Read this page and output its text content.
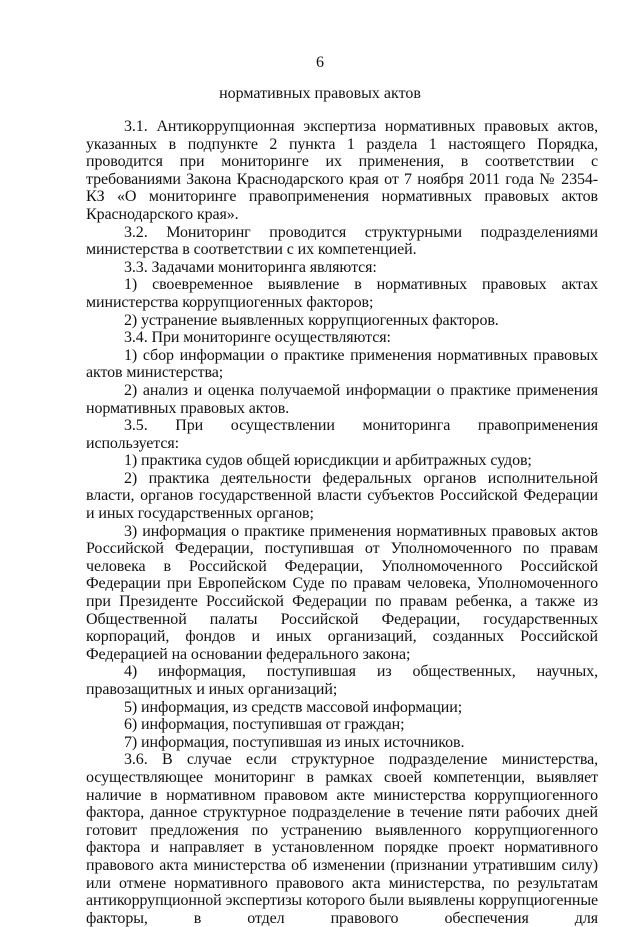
6
нормативных правовых актов

3.1. Антикоррупционная экспертиза нормативных правовых актов, указанных в подпункте 2 пункта 1 раздела 1 настоящего Порядка, проводится при мониторинге их применения, в соответствии с требованиями Закона Краснодарского края от 7 ноября 2011 года № 2354-КЗ «О мониторинге правоприменения нормативных правовых актов Краснодарского края».

3.2. Мониторинг проводится структурными подразделениями министерства в соответствии с их компетенцией.

3.3. Задачами мониторинга являются:

1) своевременное выявление в нормативных правовых актах министерства коррупциогенных факторов;

2) устранение выявленных коррупциогенных факторов.

3.4. При мониторинге осуществляются:

1) сбор информации о практике применения нормативных правовых актов министерства;

2) анализ и оценка получаемой информации о практике применения нормативных правовых актов.

3.5. При осуществлении мониторинга правоприменения используется:

1) практика судов общей юрисдикции и арбитражных судов;

2) практика деятельности федеральных органов исполнительной власти, органов государственной власти субъектов Российской Федерации и иных государственных органов;

3) информация о практике применения нормативных правовых актов Российской Федерации, поступившая от Уполномоченного по правам человека в Российской Федерации, Уполномоченного Российской Федерации при Европейском Суде по правам человека, Уполномоченного при Президенте Российской Федерации по правам ребенка, а также из Общественной палаты Российской Федерации, государственных корпораций, фондов и иных организаций, созданных Российской Федерацией на основании федерального закона;

4) информация, поступившая из общественных, научных, правозащитных и иных организаций;

5) информация, из средств массовой информации;

6) информация, поступившая от граждан;

7) информация, поступившая из иных источников.

3.6. В случае если структурное подразделение министерства, осуществляющее мониторинг в рамках своей компетенции, выявляет наличие в нормативном правовом акте министерства коррупциогенного фактора, данное структурное подразделение в течение пяти рабочих дней готовит предложения по устранению выявленного коррупциогенного фактора и направляет в установленном порядке проект нормативного правового акта министерства об изменении (признании утратившим силу) или отмене нормативного правового акта министерства, по результатам антикоррупционной экспертизы которого были выявлены коррупциогенные факторы, в отдел правового обеспечения для
